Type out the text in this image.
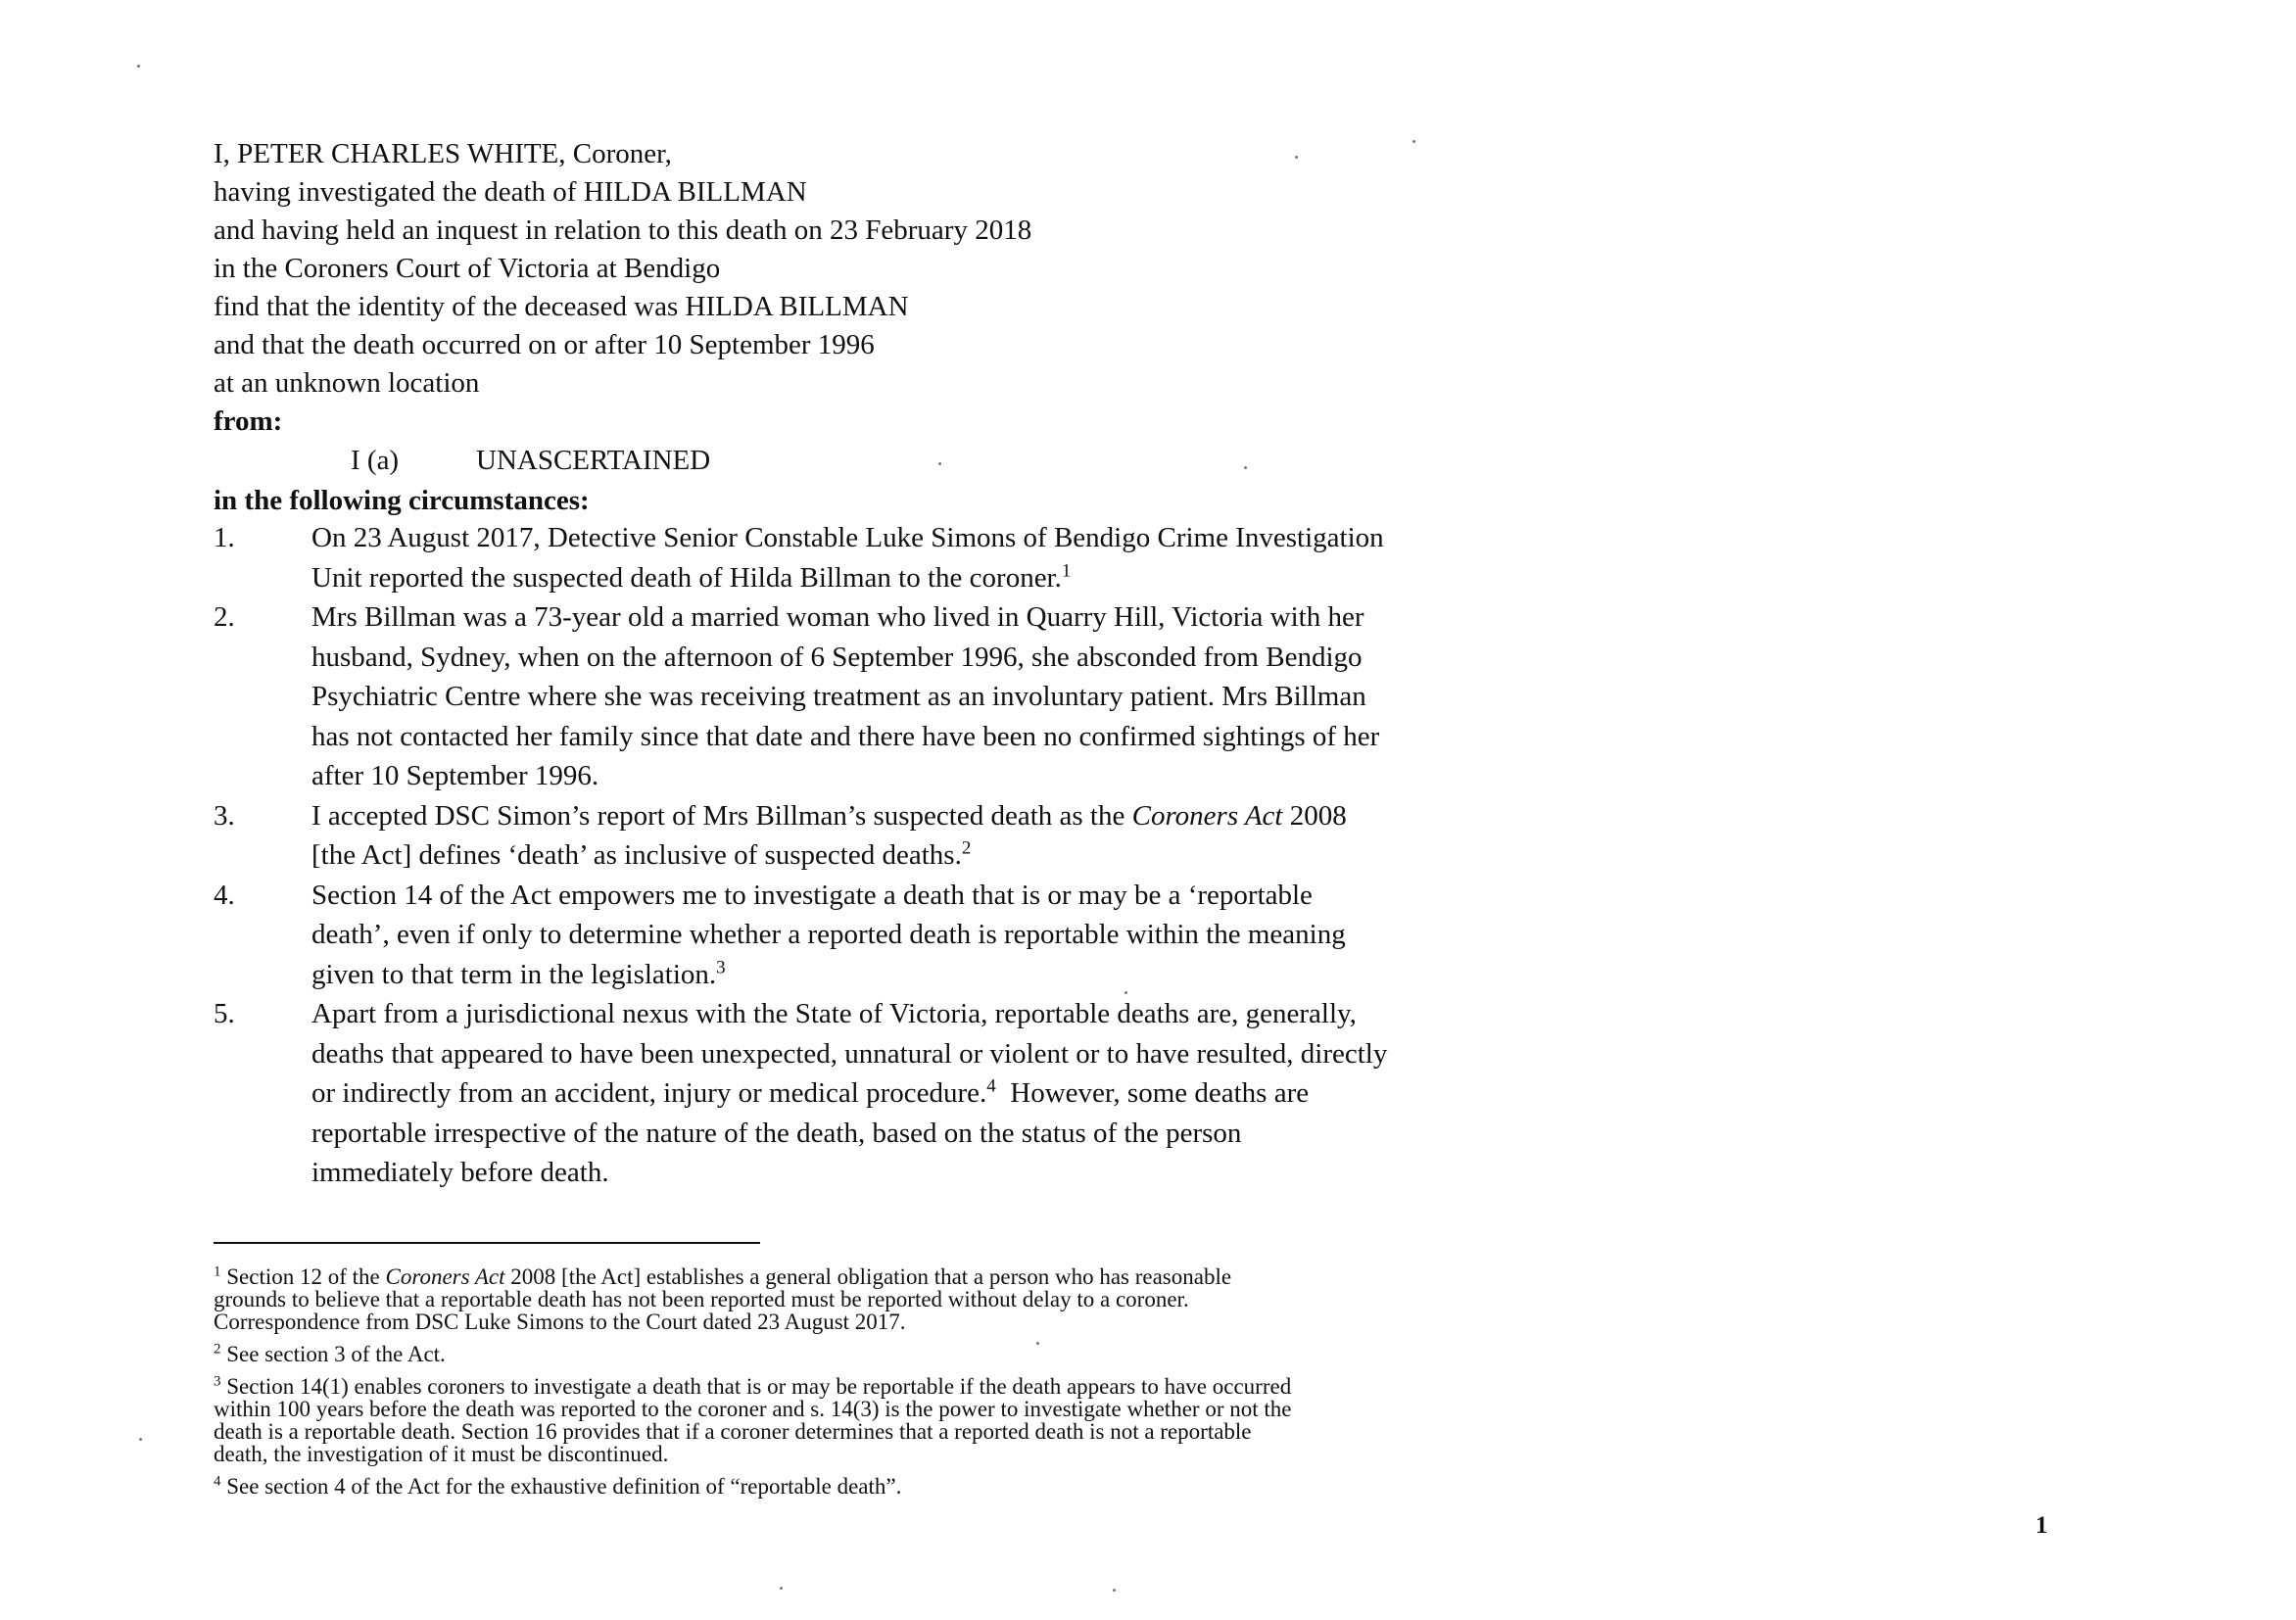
I, PETER CHARLES WHITE, Coroner,
having investigated the death of HILDA BILLMAN
and having held an inquest in relation to this death on 23 February 2018
in the Coroners Court of Victoria at Bendigo
find that the identity of the deceased was HILDA BILLMAN
and that the death occurred on or after 10 September 1996
at an unknown location
from:
I (a)	UNASCERTAINED
in the following circumstances:
1.	On 23 August 2017, Detective Senior Constable Luke Simons of Bendigo Crime Investigation
Unit reported the suspected death of Hilda Billman to the coroner.$^1$
2.	Mrs Billman was a 73-year old a married woman who lived in Quarry Hill, Victoria with her
husband, Sydney, when on the afternoon of 6 September 1996, she absconded from Bendigo
Psychiatric Centre where she was receiving treatment as an involuntary patient. Mrs Billman
has not contacted her family since that date and there have been no confirmed sightings of her
after 10 September 1996.
3.	I accepted DSC Simon’s report of Mrs Billman’s suspected death as the Coroners Act 2008
[the Act] defines ‘death’ as inclusive of suspected deaths.$^2$
4.	Section 14 of the Act empowers me to investigate a death that is or may be a ‘reportable
death’, even if only to determine whether a reported death is reportable within the meaning
given to that term in the legislation.$^3$
5.	Apart from a jurisdictional nexus with the State of Victoria, reportable deaths are, generally,
deaths that appeared to have been unexpected, unnatural or violent or to have resulted, directly
or indirectly from an accident, injury or medical procedure.$^4$  However, some deaths are
reportable irrespective of the nature of the death, based on the status of the person
immediately before death.
$^1$ Section 12 of the Coroners Act 2008 [the Act] establishes a general obligation that a person who has reasonable
grounds to believe that a reportable death has not been reported must be reported without delay to a coroner.
Correspondence from DSC Luke Simons to the Court dated 23 August 2017.
$^2$ See section 3 of the Act.
$^3$ Section 14(1) enables coroners to investigate a death that is or may be reportable if the death appears to have occurred
within 100 years before the death was reported to the coroner and s. 14(3) is the power to investigate whether or not the
death is a reportable death. Section 16 provides that if a coroner determines that a reported death is not a reportable
death, the investigation of it must be discontinued.
$^4$ See section 4 of the Act for the exhaustive definition of “reportable death”.
1
